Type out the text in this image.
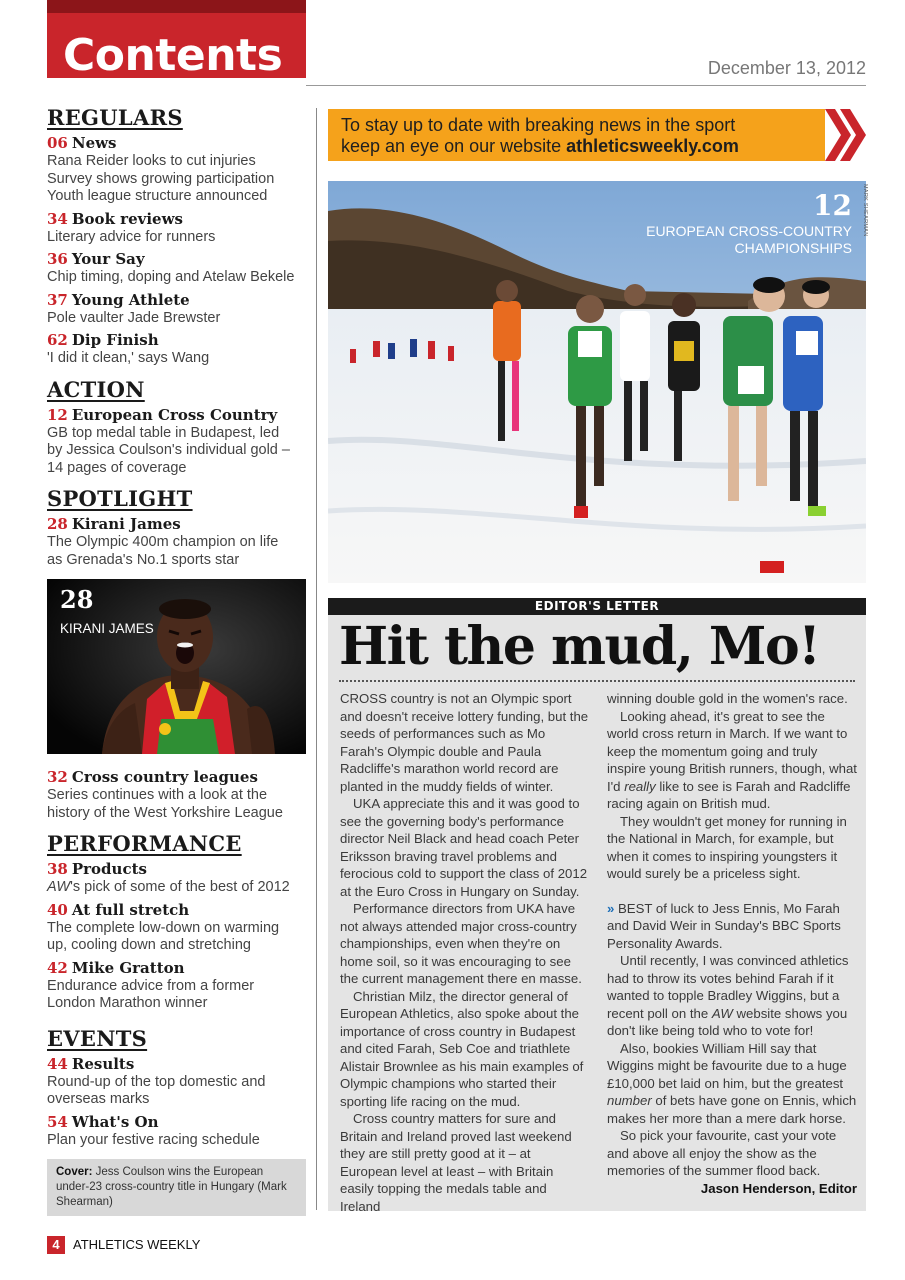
Contents	December 13, 2012
REGULARS
06 News
Rana Reider looks to cut injuries
Survey shows growing participation
Youth league structure announced
34 Book reviews
Literary advice for runners
36 Your Say
Chip timing, doping and Atelaw Bekele
37 Young Athlete
Pole vaulter Jade Brewster
62 Dip Finish
'I did it clean,' says Wang
ACTION
12 European Cross Country
GB top medal table in Budapest, led
by Jessica Coulson's individual gold –
14 pages of coverage
SPOTLIGHT
28 Kirani James
The Olympic 400m champion on life
as Grenada's No.1 sports star
28
KIRANI JAMES
32 Cross country leagues
Series continues with a look at the
history of the West Yorkshire League
PERFORMANCE
38 Products
AW's pick of some of the best of 2012
40 At full stretch
The complete low-down on warming
up, cooling down and stretching
42 Mike Gratton
Endurance advice from a former
London Marathon winner
EVENTS
44 Results
Round-up of the top domestic and
overseas marks
54 What's On
Plan your festive racing schedule
Cover: Jess Coulson wins the European under-23 cross-country title in Hungary (Mark Shearman)
To stay up to date with breaking news in the sport
keep an eye on our website athleticsweekly.com
12
EUROPEAN CROSS-COUNTRY CHAMPIONSHIPS
MARK SHEARMAN
EDITOR'S LETTER
Hit the mud, Mo!

CROSS country is not an Olympic sport and doesn't receive lottery funding, but the seeds of performances such as Mo Farah's Olympic double and Paula Radcliffe's marathon world record are planted in the muddy fields of winter.

UKA appreciate this and it was good to see the governing body's performance director Neil Black and head coach Peter Eriksson braving travel problems and ferocious cold to support the class of 2012 at the Euro Cross in Hungary on Sunday.

Performance directors from UKA have not always attended major cross-country championships, even when they're on home soil, so it was encouraging to see the current management there en masse.

Christian Milz, the director general of European Athletics, also spoke about the importance of cross country in Budapest and cited Farah, Seb Coe and triathlete Alistair Brownlee as his main examples of Olympic champions who started their sporting life racing on the mud.

Cross country matters for sure and Britain and Ireland proved last weekend they are still pretty good at it – at European level at least – with Britain easily topping the medals table and Ireland

winning double gold in the women's race.

Looking ahead, it's great to see the world cross return in March. If we want to keep the momentum going and truly inspire young British runners, though, what I'd really like to see is Farah and Radcliffe racing again on British mud.

They wouldn't get money for running in the National in March, for example, but when it comes to inspiring youngsters it would surely be a priceless sight.

» BEST of luck to Jess Ennis, Mo Farah and David Weir in Sunday's BBC Sports Personality Awards.

Until recently, I was convinced athletics had to throw its votes behind Farah if it wanted to topple Bradley Wiggins, but a recent poll on the AW website shows you don't like being told who to vote for!

Also, bookies William Hill say that Wiggins might be favourite due to a huge £10,000 bet laid on him, but the greatest number of bets have gone on Ennis, which makes her more than a mere dark horse.

So pick your favourite, cast your vote and above all enjoy the show as the memories of the summer flood back.

Jason Henderson, Editor
4	ATHLETICS WEEKLY
